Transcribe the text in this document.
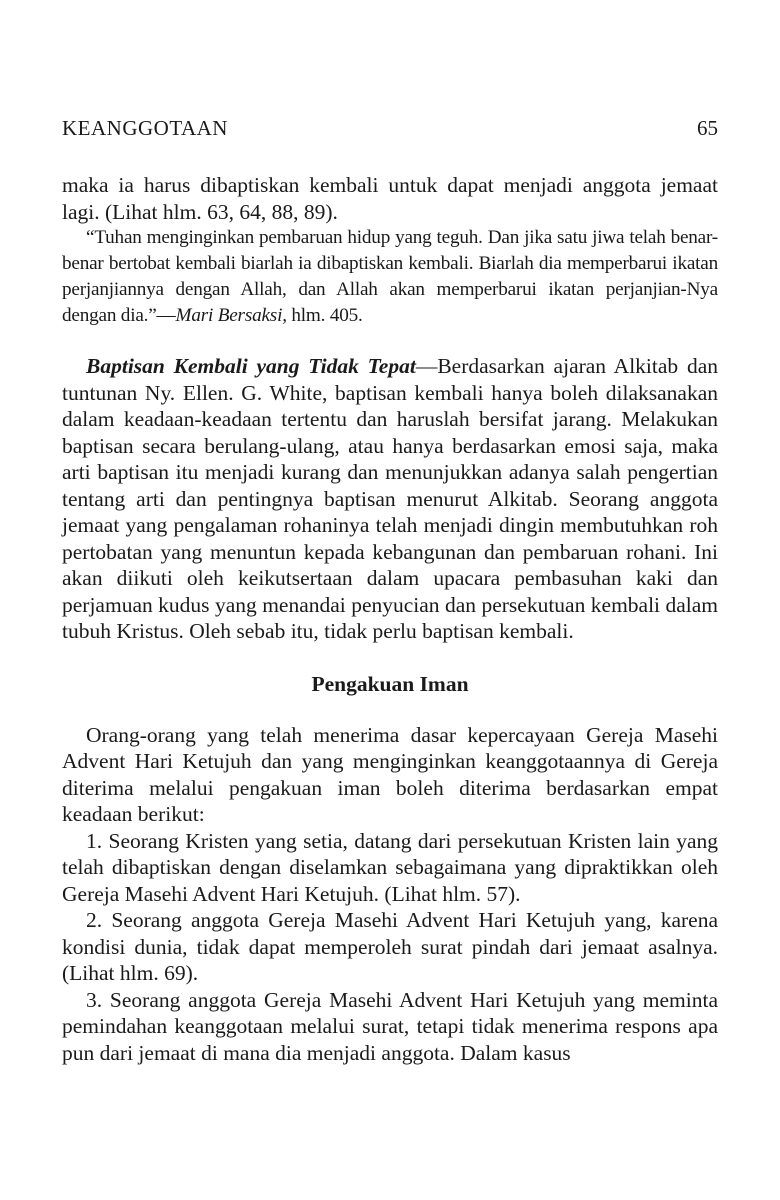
KEANGGOTAAN	65

maka ia harus dibaptiskan kembali untuk dapat menjadi anggota jemaat lagi. (Lihat hlm. 63, 64, 88, 89).

“Tuhan menginginkan pembaruan hidup yang teguh. Dan jika satu jiwa telah benar-benar bertobat kembali biarlah ia dibaptiskan kembali. Biarlah dia memperbarui ikatan perjanjiannya dengan Allah, dan Allah akan memperbarui ikatan perjanjian-Nya dengan dia.”—Mari Bersaksi, hlm. 405.

Baptisan Kembali yang Tidak Tepat—Berdasarkan ajaran Alkitab dan tuntunan Ny. Ellen. G. White, baptisan kembali hanya boleh dilaksanakan dalam keadaan-keadaan tertentu dan haruslah bersifat jarang. Melakukan baptisan secara berulang-ulang, atau hanya berdasarkan emosi saja, maka arti baptisan itu menjadi kurang dan menunjukkan adanya salah pengertian tentang arti dan pentingnya baptisan menurut Alkitab. Seorang anggota jemaat yang pengalaman rohaninya telah menjadi dingin membutuhkan roh pertobatan yang menuntun kepada kebangunan dan pembaruan rohani. Ini akan diikuti oleh keikutsertaan dalam upacara pembasuhan kaki dan perjamuan kudus yang menandai penyucian dan persekutuan kembali dalam tubuh Kristus. Oleh sebab itu, tidak perlu baptisan kembali.

Pengakuan Iman

Orang-orang yang telah menerima dasar kepercayaan Gereja Masehi Advent Hari Ketujuh dan yang menginginkan keanggotaannya di Gereja diterima melalui pengakuan iman boleh diterima berdasarkan empat keadaan berikut:

1. Seorang Kristen yang setia, datang dari persekutuan Kristen lain yang telah dibaptiskan dengan diselamkan sebagaimana yang dipraktikkan oleh Gereja Masehi Advent Hari Ketujuh. (Lihat hlm. 57).

2. Seorang anggota Gereja Masehi Advent Hari Ketujuh yang, karena kondisi dunia, tidak dapat memperoleh surat pindah dari jemaat asalnya. (Lihat hlm. 69).

3. Seorang anggota Gereja Masehi Advent Hari Ketujuh yang meminta pemindahan keanggotaan melalui surat, tetapi tidak menerima respons apa pun dari jemaat di mana dia menjadi anggota. Dalam kasus
